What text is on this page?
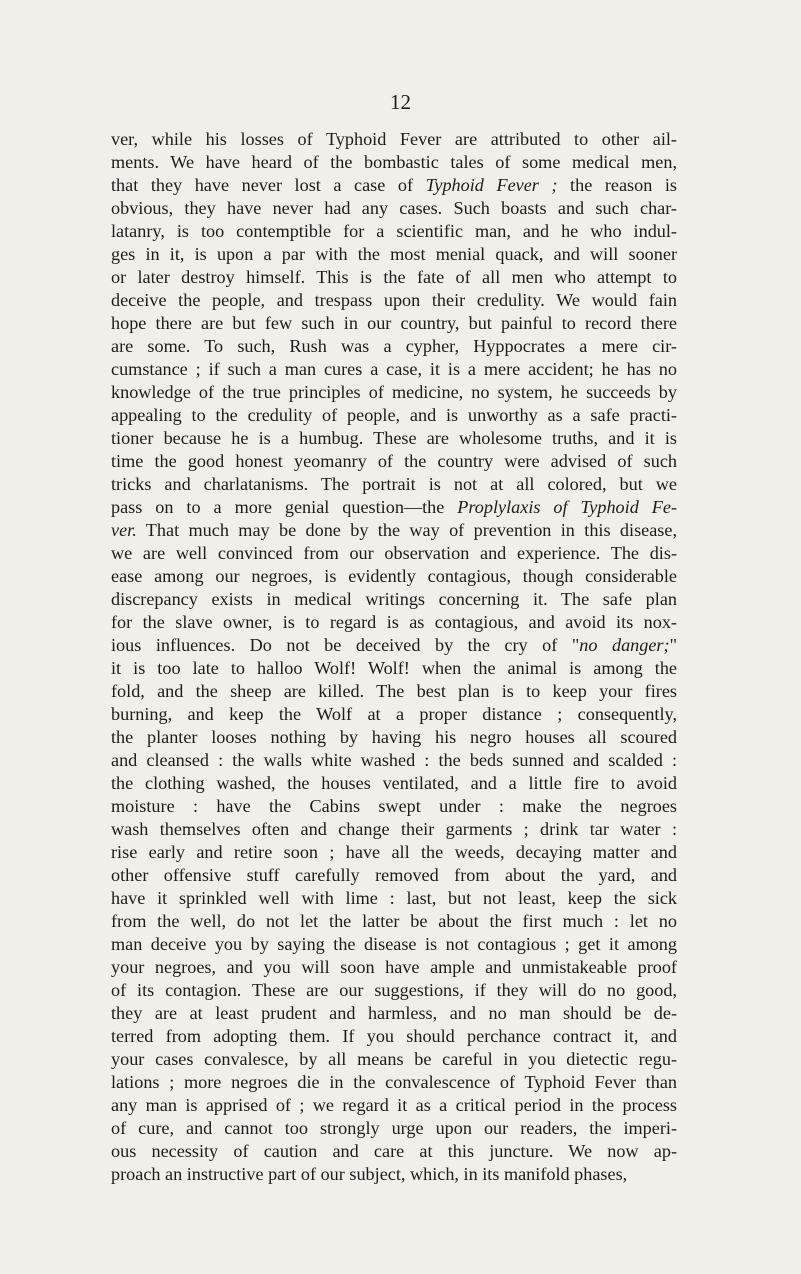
12
ver, while his losses of Typhoid Fever are attributed to other ail-
ments. We have heard of the bombastic tales of some medical men,
that they have never lost a case of Typhoid Fever ; the reason is
obvious, they have never had any cases. Such boasts and such char-
latanry, is too contemptible for a scientific man, and he who indul-
ges in it, is upon a par with the most menial quack, and will sooner
or later destroy himself. This is the fate of all men who attempt to
deceive the people, and trespass upon their credulity. We would fain
hope there are but few such in our country, but painful to record there
are some. To such, Rush was a cypher, Hyppocrates a mere cir-
cumstance ; if such a man cures a case, it is a mere accident; he has no
knowledge of the true principles of medicine, no system, he succeeds by
appealing to the credulity of people, and is unworthy as a safe practi-
tioner because he is a humbug. These are wholesome truths, and it is
time the good honest yeomanry of the country were advised of such
tricks and charlatanisms. The portrait is not at all colored, but we
pass on to a more genial question—the Proplylaxis of Typhoid Fe-
ver. That much may be done by the way of prevention in this disease,
we are well convinced from our observation and experience. The dis-
ease among our negroes, is evidently contagious, though considerable
discrepancy exists in medical writings concerning it. The safe plan
for the slave owner, is to regard is as contagious, and avoid its nox-
ious influences. Do not be deceived by the cry of "no danger;"
it is too late to halloo Wolf! Wolf! when the animal is among the
fold, and the sheep are killed. The best plan is to keep your fires
burning, and keep the Wolf at a proper distance ; consequently,
the planter looses nothing by having his negro houses all scoured
and cleansed : the walls white washed : the beds sunned and scalded :
the clothing washed, the houses ventilated, and a little fire to avoid
moisture : have the Cabins swept under : make the negroes
wash themselves often and change their garments ; drink tar water :
rise early and retire soon ; have all the weeds, decaying matter and
other offensive stuff carefully removed from about the yard, and
have it sprinkled well with lime : last, but not least, keep the sick
from the well, do not let the latter be about the first much : let no
man deceive you by saying the disease is not contagious ; get it among
your negroes, and you will soon have ample and unmistakeable proof
of its contagion. These are our suggestions, if they will do no good,
they are at least prudent and harmless, and no man should be de-
terred from adopting them. If you should perchance contract it, and
your cases convalesce, by all means be careful in you dietectic regu-
lations ; more negroes die in the convalescence of Typhoid Fever than
any man is apprised of ; we regard it as a critical period in the process
of cure, and cannot too strongly urge upon our readers, the imperi-
ous necessity of caution and care at this juncture. We now ap-
proach an instructive part of our subject, which, in its manifold phases,
